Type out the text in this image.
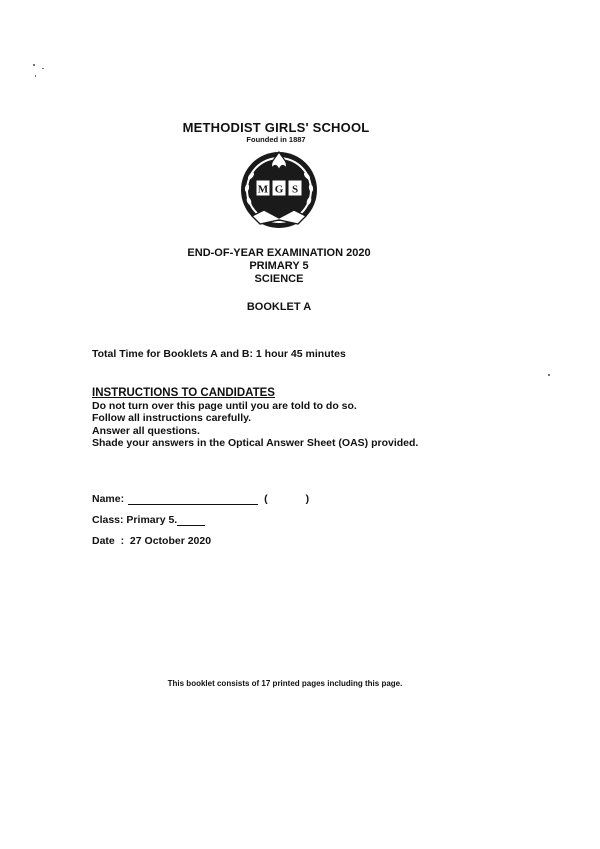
METHODIST GIRLS' SCHOOL
Founded in 1887
M G S
END-OF-YEAR EXAMINATION 2020
PRIMARY 5
SCIENCE
BOOKLET A
Total Time for Booklets A and B: 1 hour 45 minutes
INSTRUCTIONS TO CANDIDATES
Do not turn over this page until you are told to do so.
Follow all instructions carefully.
Answer all questions.
Shade your answers in the Optical Answer Sheet (OAS) provided.
Name:	(	)
Class: Primary 5.
Date  :  27 October 2020
This booklet consists of 17 printed pages including this page.
